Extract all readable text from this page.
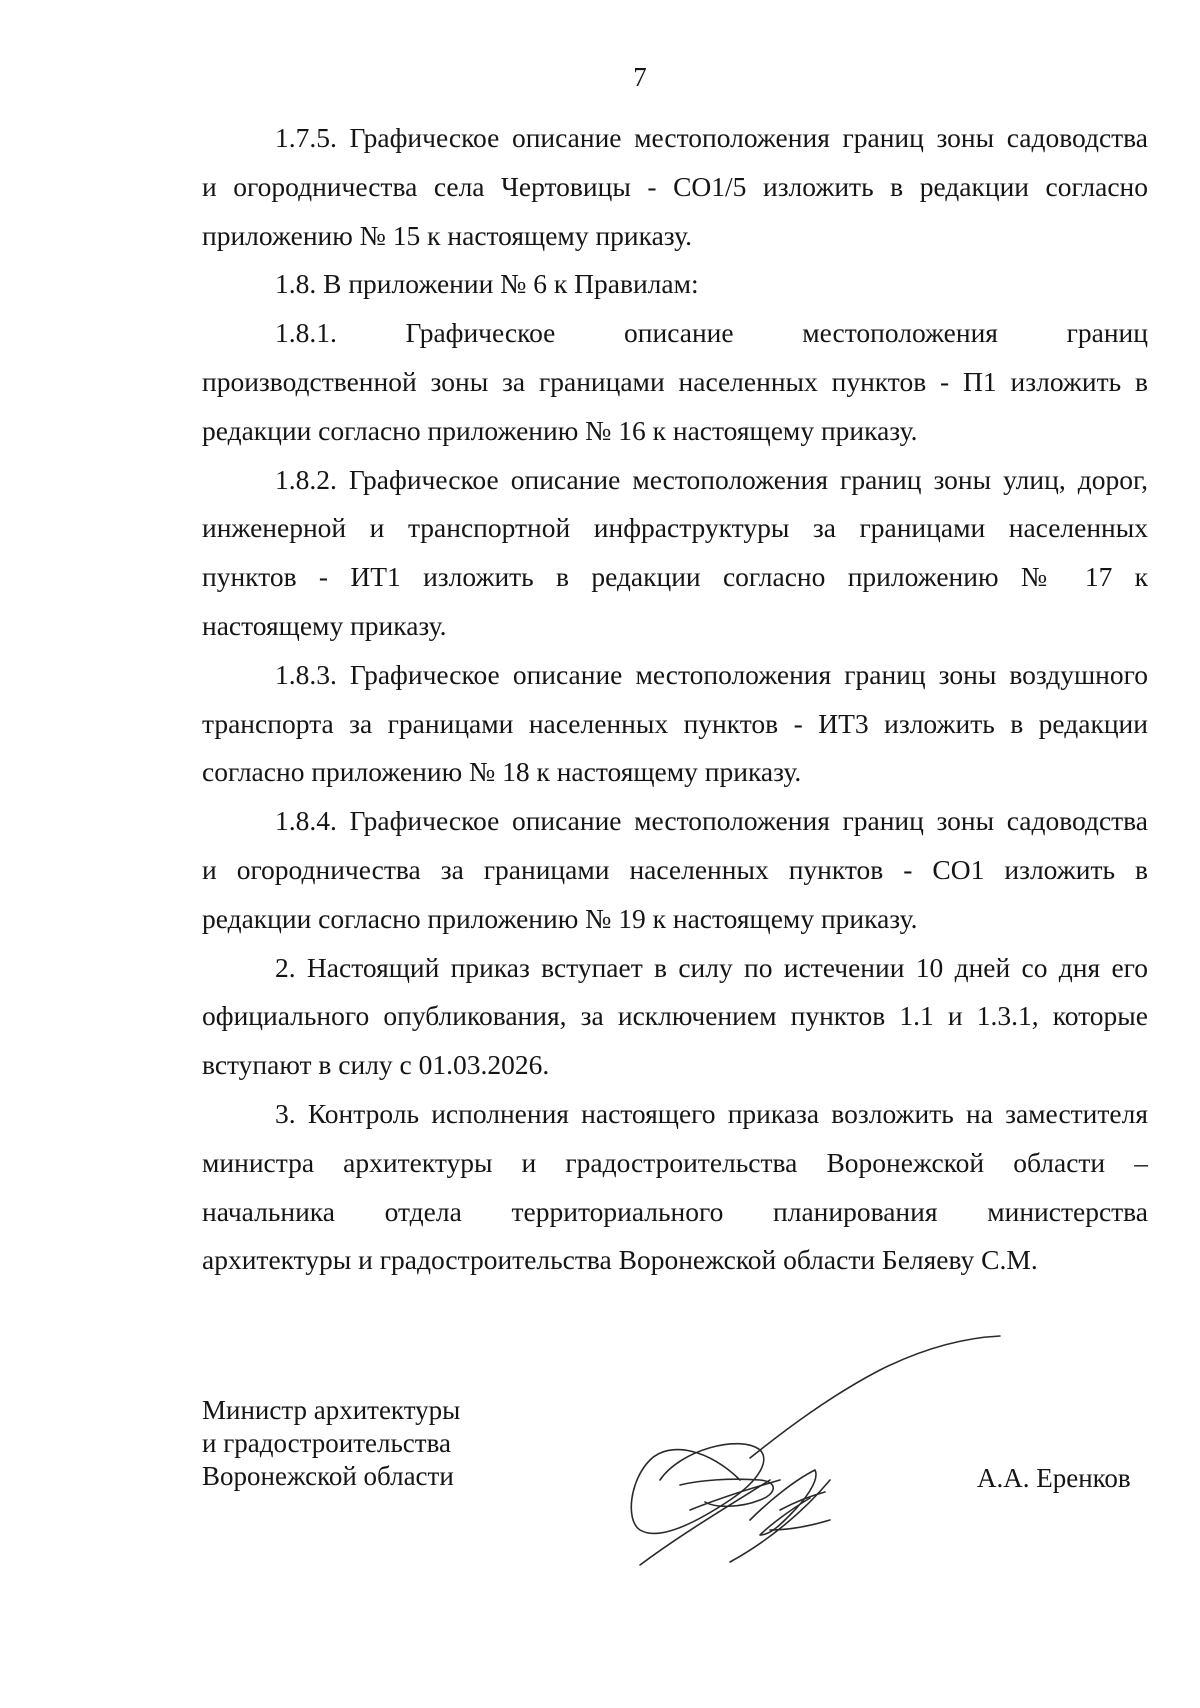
7

1.7.5. Графическое описание местоположения границ зоны садоводства
и огородничества села Чертовицы - СО1/5 изложить в редакции согласно
приложению № 15 к настоящему приказу.

1.8. В приложении № 6 к Правилам:

1.8.1. Графическое описание местоположения границ
производственной зоны за границами населенных пунктов - П1 изложить в
редакции согласно приложению № 16 к настоящему приказу.

1.8.2. Графическое описание местоположения границ зоны улиц, дорог,
инженерной и транспортной инфраструктуры за границами населенных
пунктов - ИТ1 изложить в редакции согласно приложению № 17 к
настоящему приказу.

1.8.3. Графическое описание местоположения границ зоны воздушного
транспорта за границами населенных пунктов - ИТ3 изложить в редакции
согласно приложению № 18 к настоящему приказу.

1.8.4. Графическое описание местоположения границ зоны садоводства
и огородничества за границами населенных пунктов - СО1 изложить в
редакции согласно приложению № 19 к настоящему приказу.

2. Настоящий приказ вступает в силу по истечении 10 дней со дня его
официального опубликования, за исключением пунктов 1.1 и 1.3.1, которые
вступают в силу с 01.03.2026.

3. Контроль исполнения настоящего приказа возложить на заместителя
министра архитектуры и градостроительства Воронежской области –
начальника отдела территориального планирования министерства
архитектуры и градостроительства Воронежской области Беляеву С.М.

Министр архитектуры
и градостроительства
Воронежской области	А.А. Еренков
